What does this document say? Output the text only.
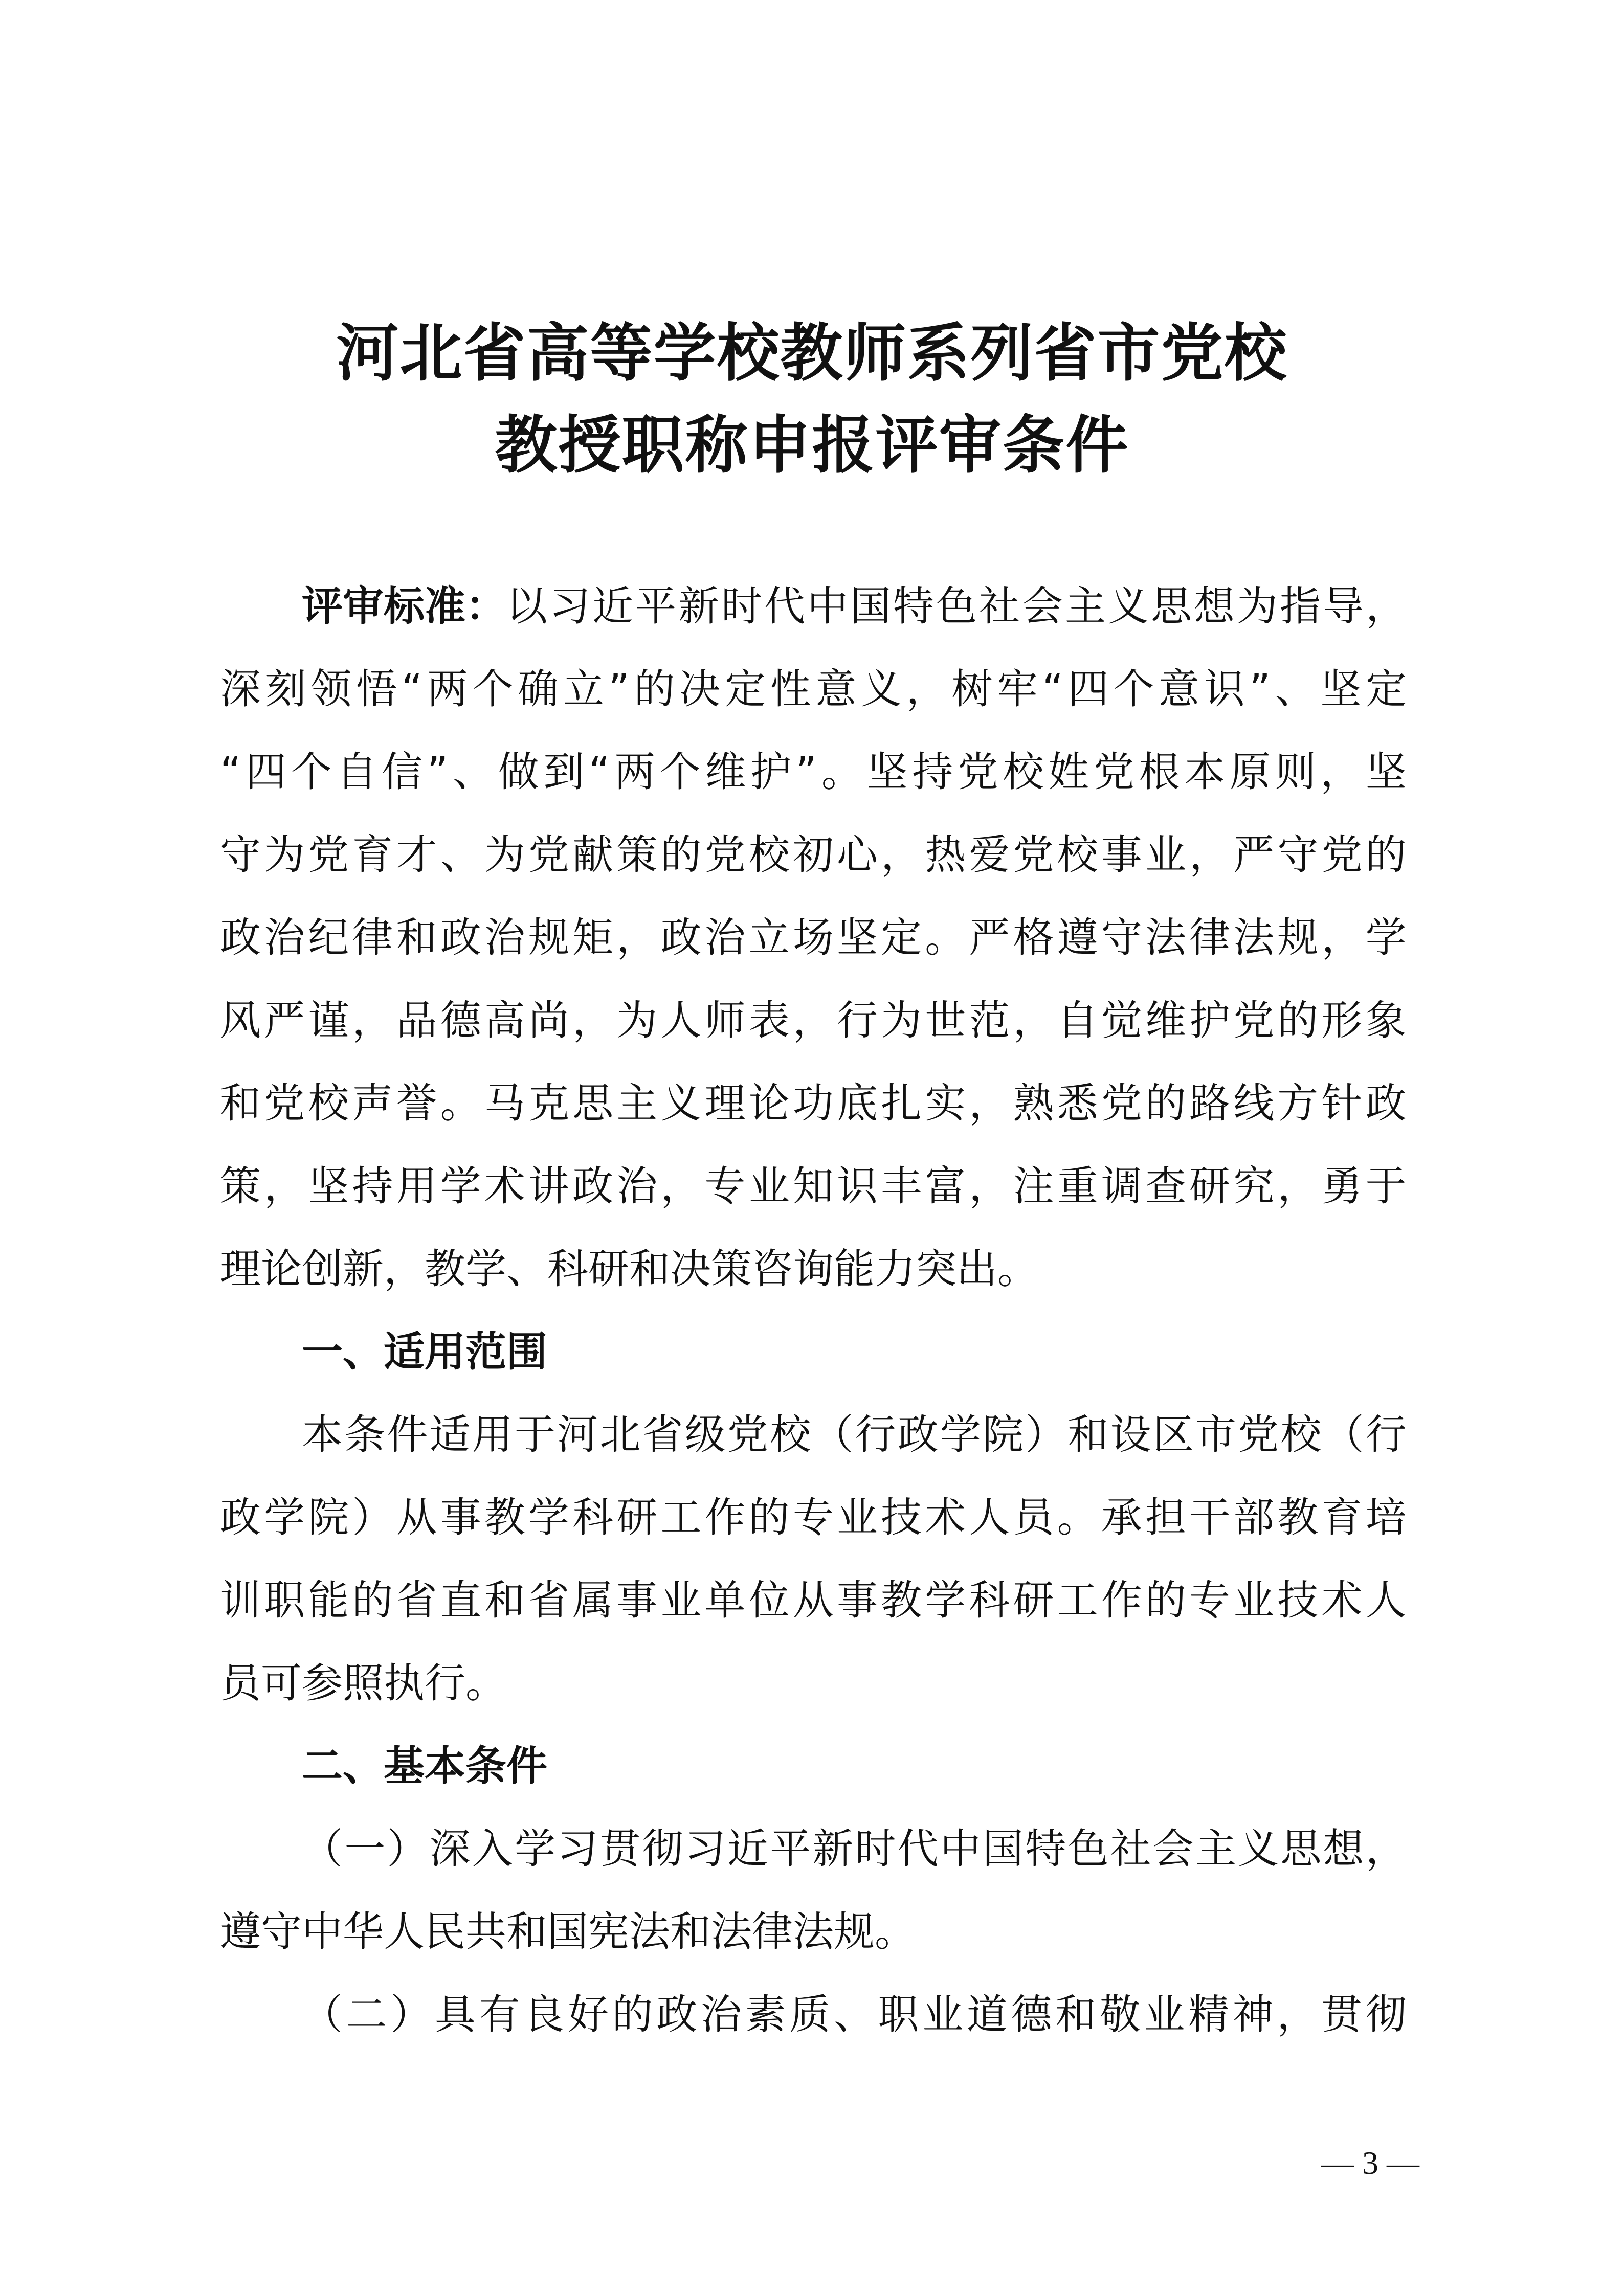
河北省高等学校教师系列省市党校
教授职称申报评审条件
评审标准： 以 习 近 平 新 时 代 中 国 特 色 社 会 主 义 思 想 为 指 导 ，
深 刻 领 悟 “ 两 个 确 立 ” 的 决 定 性 意 义 ， 树 牢 “ 四 个 意 识 ” 、 坚 定
“ 四 个 自 信 ” 、 做 到 “ 两 个 维 护 ” 。 坚 持 党 校 姓 党 根 本 原 则 ， 坚
守 为 党 育 才 、 为 党 献 策 的 党 校 初 心 ， 热 爱 党 校 事 业 ， 严 守 党 的
政 治 纪 律 和 政 治 规 矩 ， 政 治 立 场 坚 定 。 严 格 遵 守 法 律 法 规 ， 学
风 严 谨 ， 品 德 高 尚 ， 为 人 师 表 ， 行 为 世 范 ， 自 觉 维 护 党 的 形 象
和 党 校 声 誉 。 马 克 思 主 义 理 论 功 底 扎 实 ， 熟 悉 党 的 路 线 方 针 政
策 ， 坚 持 用 学 术 讲 政 治 ， 专 业 知 识 丰 富 ， 注 重 调 查 研 究 ， 勇 于
理论创新，教学、科研和决策咨询能力突出。
一、适用范围
本 条 件 适 用 于 河 北 省 级 党 校 （ 行 政 学 院 ） 和 设 区 市 党 校 （ 行
政 学 院 ） 从 事 教 学 科 研 工 作 的 专 业 技 术 人 员 。 承 担 干 部 教 育 培
训 职 能 的 省 直 和 省 属 事 业 单 位 从 事 教 学 科 研 工 作 的 专 业 技 术 人
员可参照执行。
二、基本条件
（ 一 ） 深 入 学 习 贯 彻 习 近 平 新 时 代 中 国 特 色 社 会 主 义 思 想 ，
遵守中华人民共和国宪法和法律法规。
（ 二 ） 具 有 良 好 的 政 治 素 质 、 职 业 道 德 和 敬 业 精 神 ， 贯 彻
— 3 —
